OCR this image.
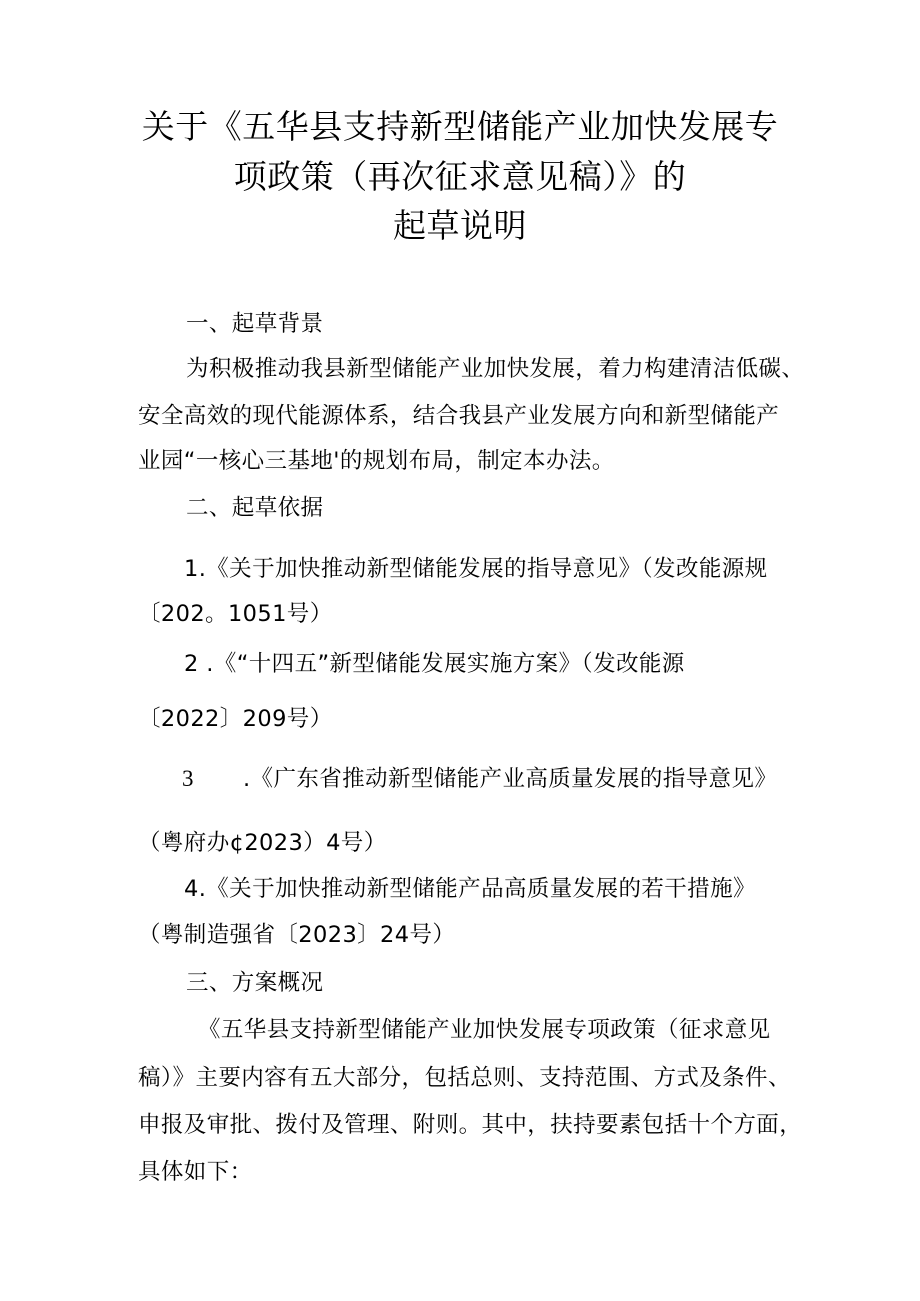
关于《五华县支持新型储能产业加快发展专
项政策（再次征求意见稿）》的
起草说明
一、起草背景
为积极推动我县新型储能产业加快发展，着力构建清洁低碳、
安全高效的现代能源体系，结合我县产业发展方向和新型储能产
业园“一核心三基地'的规划布局，制定本办法。
二、起草依据
1.《关于加快推动新型储能发展的指导意见》（发改能源规
〔202。1051号）
2 .《“十四五”新型储能发展实施方案》（发改能源
〔2022〕209号）
3 .《广东省推动新型储能产业高质量发展的指导意见》
（粤府办¢2023）4号）
4.《关于加快推动新型储能产品高质量发展的若干措施》
（粤制造强省〔2023〕24号）
三、方案概况
《五华县支持新型储能产业加快发展专项政策（征求意见
稿）》主要内容有五大部分，包括总则、支持范围、方式及条件、
申报及审批、拨付及管理、附则。其中，扶持要素包括十个方面，
具体如下：
